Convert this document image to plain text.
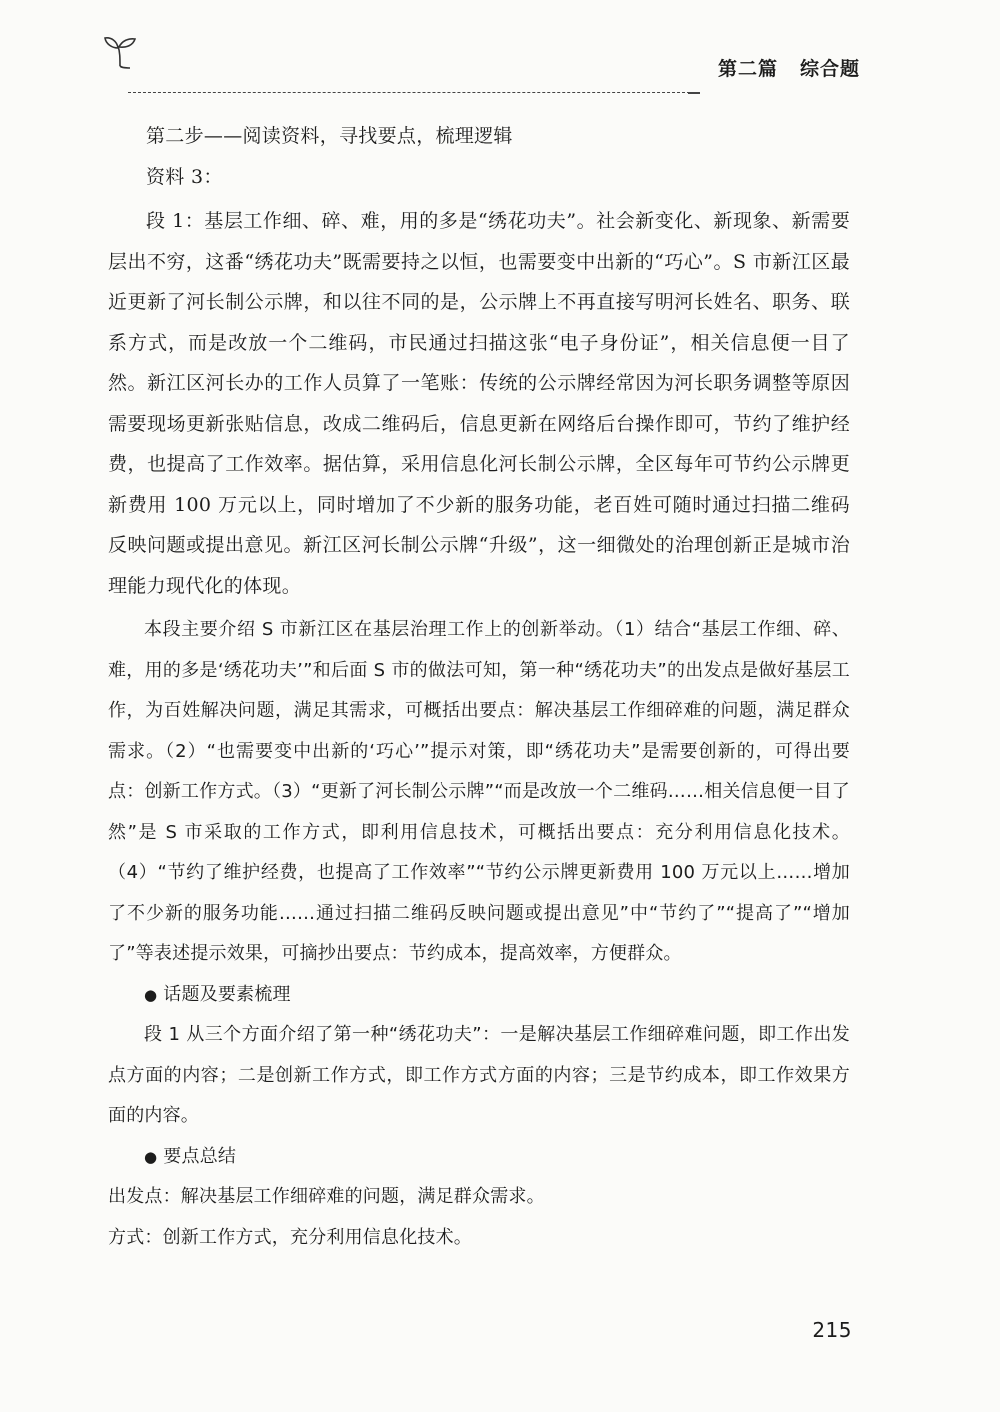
第二篇 综合题

第二步——阅读资料，寻找要点，梳理逻辑

资料 3：

段 1：基层工作细、碎、难，用的多是“绣花功夫”。社会新变化、新现象、新需要层出不穷，这番“绣花功夫”既需要持之以恒，也需要变中出新的“巧心”。S 市新江区最近更新了河长制公示牌，和以往不同的是，公示牌上不再直接写明河长姓名、职务、联系方式，而是改放一个二维码，市民通过扫描这张“电子身份证”，相关信息便一目了然。新江区河长办的工作人员算了一笔账：传统的公示牌经常因为河长职务调整等原因需要现场更新张贴信息，改成二维码后，信息更新在网络后台操作即可，节约了维护经费，也提高了工作效率。据估算，采用信息化河长制公示牌，全区每年可节约公示牌更新费用 100 万元以上，同时增加了不少新的服务功能，老百姓可随时通过扫描二维码反映问题或提出意见。新江区河长制公示牌“升级”，这一细微处的治理创新正是城市治理能力现代化的体现。

本段主要介绍 S 市新江区在基层治理工作上的创新举动。（1）结合“基层工作细、碎、难，用的多是‘绣花功夫’”和后面 S 市的做法可知，第一种“绣花功夫”的出发点是做好基层工作，为百姓解决问题，满足其需求，可概括出要点：解决基层工作细碎难的问题，满足群众需求。（2）“也需要变中出新的‘巧心’”提示对策，即“绣花功夫”是需要创新的，可得出要点：创新工作方式。（3）“更新了河长制公示牌”“而是改放一个二维码……相关信息便一目了然”是 S 市采取的工作方式，即利用信息技术，可概括出要点：充分利用信息化技术。（4）“节约了维护经费，也提高了工作效率”“节约公示牌更新费用 100 万元以上……增加了不少新的服务功能……通过扫描二维码反映问题或提出意见”中“节约了”“提高了”“增加了”等表述提示效果，可摘抄出要点：节约成本，提高效率，方便群众。

● 话题及要素梳理

段 1 从三个方面介绍了第一种“绣花功夫”：一是解决基层工作细碎难问题，即工作出发点方面的内容；二是创新工作方式，即工作方式方面的内容；三是节约成本，即工作效果方面的内容。

● 要点总结

出发点：解决基层工作细碎难的问题，满足群众需求。

方式：创新工作方式，充分利用信息化技术。

215
